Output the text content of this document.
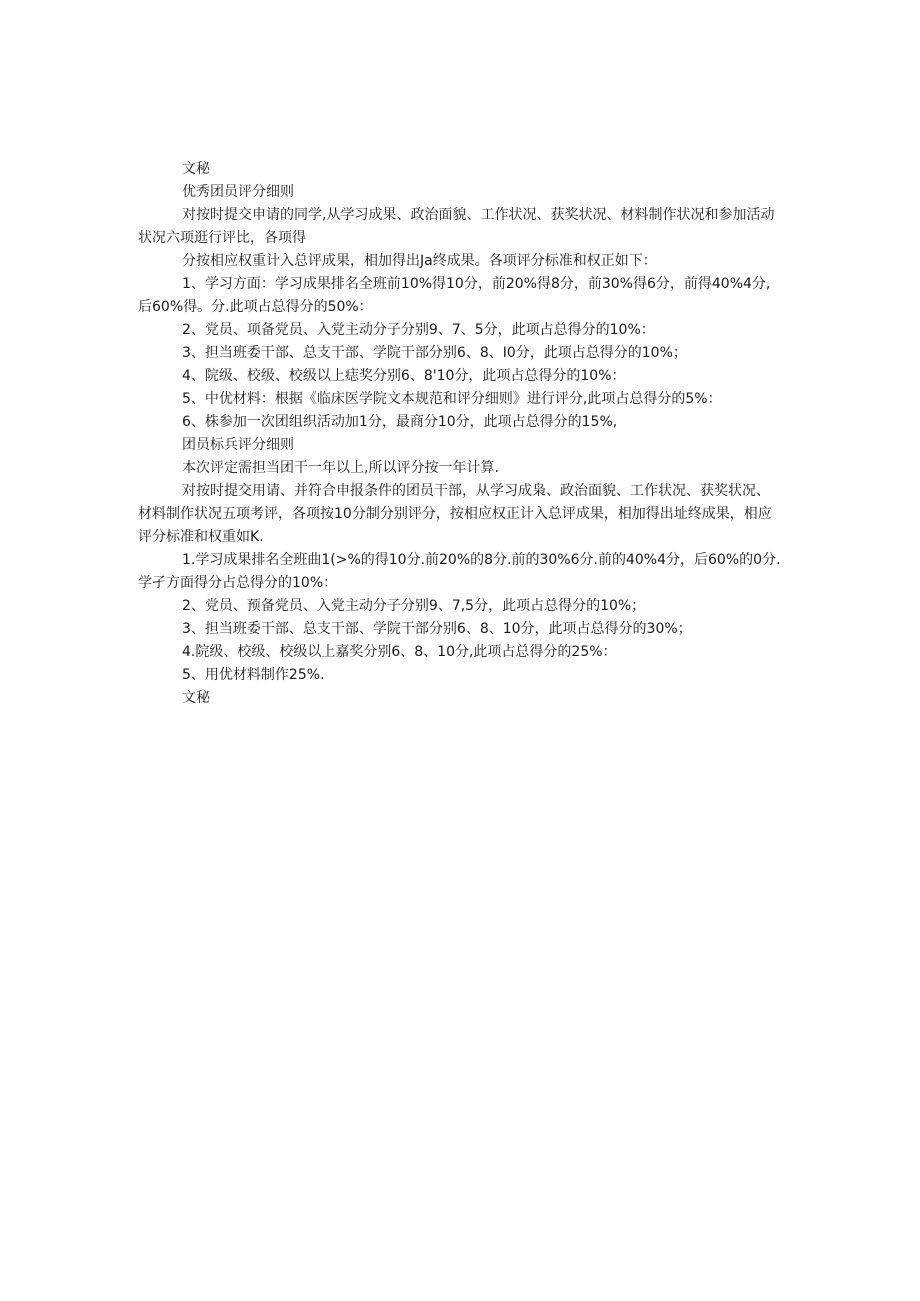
文秘

优秀团员评分细则

对按时提交申请的同学,从学习成果、政治面貌、工作状况、获奖状况、材料制作状况和参加活动状况六项逛行评比，各项得

分按相应权重计入总评成果，相加得出Ja终成果。各项评分标准和权正如下：

1、学习方面：学习成果排名全班前10%得10分，前20%得8分，前30%得6分，前得40%4分,后60%得。分.此项占总得分的50%：

2、党员、项备党员、入党主动分子分别9、7、5分，此项占总得分的10%：

3、担当班委干部、总支干部、学院干部分别6、8、I0分，此项占总得分的10%；

4、院级、校级、校级以上痣奖分别6、8'10分，此项占总得分的10%：

5、中优材料：根据《临床医学院文本规范和评分细则》进行评分,此项占总得分的5%：

6、株参加一次团组织活动加1分，最商分10分，此项占总得分的15%,

团员标兵评分细则

本次评定需担当团干一年以上,所以评分按一年计算.

对按时提交用请、并符合申报条件的团员干部，从学习成枭、政治面貌、工作状况、获奖状况、材料制作状况五项考评，各项按10分制分别评分，按相应权正计入总评成果，相加得出址终成果，相应评分标准和权重如K.

1.学习成果排名全班曲1(>%的得10分.前20%的8分.前的30%6分.前的40%4分，后60%的0分.学孑方面得分占总得分的10%：

2、党员、预备党员、入党主动分子分别9、7,5分，此项占总得分的10%；

3、担当班委干部、总支干部、学院干部分别6、8、10分，此项占总得分的30%；

4.院级、校级、校级以上嘉奖分别6、8、10分,此项占总得分的25%：

5、用优材料制作25%.

文秘
